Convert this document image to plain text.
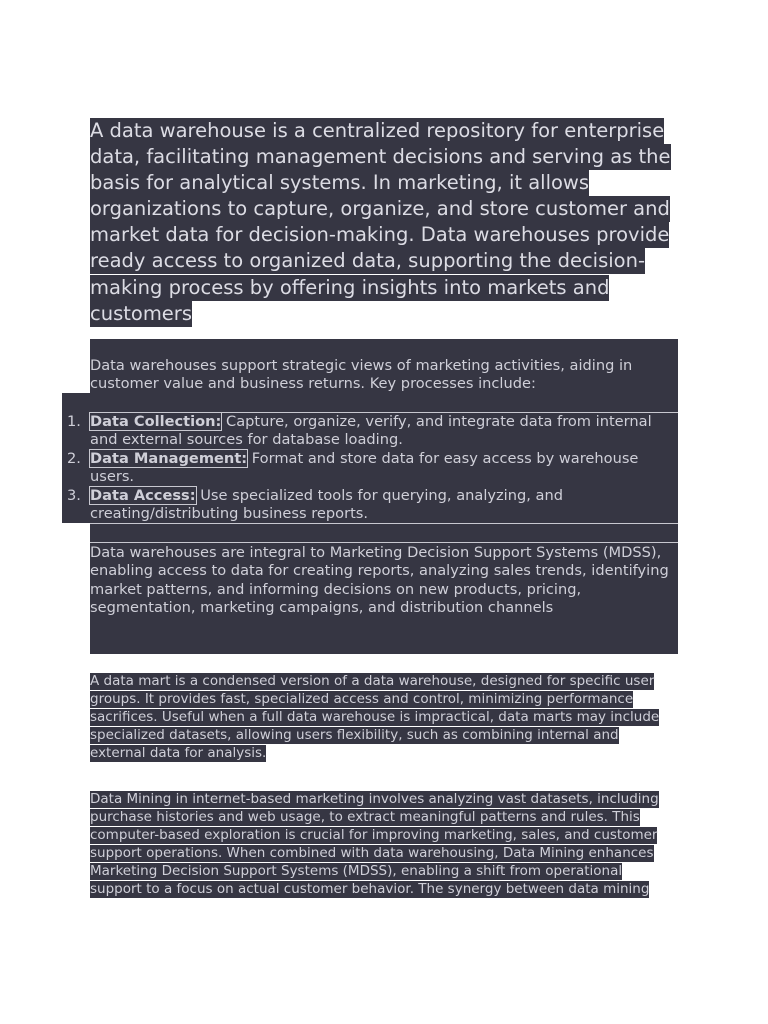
A data warehouse is a centralized repository for enterprise data, facilitating management decisions and serving as the basis for analytical systems. In marketing, it allows organizations to capture, organize, and store customer and market data for decision-making. Data warehouses provide ready access to organized data, supporting the decision-making process by offering insights into markets and customers

Data warehouses support strategic views of marketing activities, aiding in customer value and business returns. Key processes include:

1. Data Collection: Capture, organize, verify, and integrate data from internal and external sources for database loading.
2. Data Management: Format and store data for easy access by warehouse users.
3. Data Access: Use specialized tools for querying, analyzing, and creating/distributing business reports.

Data warehouses are integral to Marketing Decision Support Systems (MDSS), enabling access to data for creating reports, analyzing sales trends, identifying market patterns, and informing decisions on new products, pricing, segmentation, marketing campaigns, and distribution channels

A data mart is a condensed version of a data warehouse, designed for specific user groups. It provides fast, specialized access and control, minimizing performance sacrifices. Useful when a full data warehouse is impractical, data marts may include specialized datasets, allowing users flexibility, such as combining internal and external data for analysis.

Data Mining in internet-based marketing involves analyzing vast datasets, including purchase histories and web usage, to extract meaningful patterns and rules. This computer-based exploration is crucial for improving marketing, sales, and customer support operations. When combined with data warehousing, Data Mining enhances Marketing Decision Support Systems (MDSS), enabling a shift from operational support to a focus on actual customer behavior. The synergy between data mining
